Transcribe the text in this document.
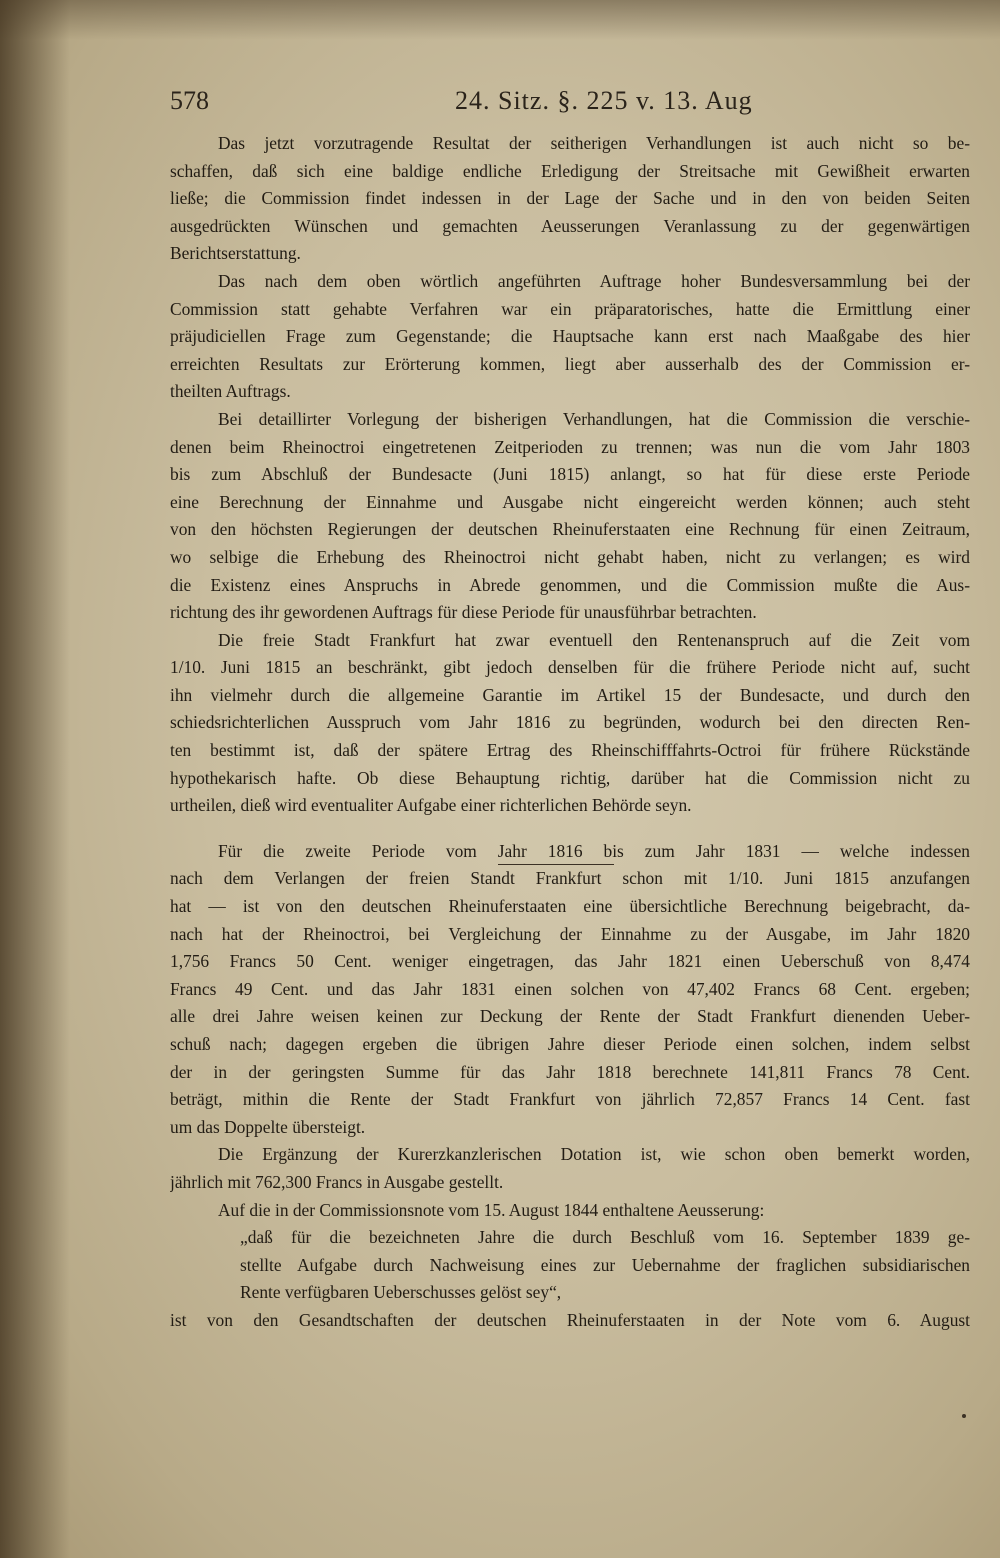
578	24. Sitz. §. 225 v. 13. Aug
Das jetzt vorzutragende Resultat der seitherigen Verhandlungen ist auch nicht so be-
schaffen, daß sich eine baldige endliche Erledigung der Streitsache mit Gewißheit erwarten
ließe; die Commission findet indessen in der Lage der Sache und in den von beiden Seiten
ausgedrückten Wünschen und gemachten Aeusserungen Veranlassung zu der gegenwärtigen
Berichtserstattung.
Das nach dem oben wörtlich angeführten Auftrage hoher Bundesversammlung bei der
Commission statt gehabte Verfahren war ein präparatorisches, hatte die Ermittlung einer
präjudiciellen Frage zum Gegenstande; die Hauptsache kann erst nach Maaßgabe des hier
erreichten Resultats zur Erörterung kommen, liegt aber ausserhalb des der Commission er-
theilten Auftrags.
Bei detaillirter Vorlegung der bisherigen Verhandlungen, hat die Commission die verschie-
denen beim Rheinoctroi eingetretenen Zeitperioden zu trennen; was nun die vom Jahr 1803
bis zum Abschluß der Bundesacte (Juni 1815) anlangt, so hat für diese erste Periode
eine Berechnung der Einnahme und Ausgabe nicht eingereicht werden können; auch steht
von den höchsten Regierungen der deutschen Rheinuferstaaten eine Rechnung für einen Zeitraum,
wo selbige die Erhebung des Rheinoctroi nicht gehabt haben, nicht zu verlangen; es wird
die Existenz eines Anspruchs in Abrede genommen, und die Commission mußte die Aus-
richtung des ihr gewordenen Auftrags für diese Periode für unausführbar betrachten.
Die freie Stadt Frankfurt hat zwar eventuell den Rentenanspruch auf die Zeit vom
1/10. Juni 1815 an beschränkt, gibt jedoch denselben für die frühere Periode nicht auf, sucht
ihn vielmehr durch die allgemeine Garantie im Artikel 15 der Bundesacte, und durch den
schiedsrichterlichen Ausspruch vom Jahr 1816 zu begründen, wodurch bei den directen Ren-
ten bestimmt ist, daß der spätere Ertrag des Rheinschifffahrts-Octroi für frühere Rückstände
hypothekarisch hafte. Ob diese Behauptung richtig, darüber hat die Commission nicht zu
urtheilen, dieß wird eventualiter Aufgabe einer richterlichen Behörde seyn.
Für die zweite Periode vom Jahr 1816 bis zum Jahr 1831 — welche indessen
nach dem Verlangen der freien Standt Frankfurt schon mit 1/10. Juni 1815 anzufangen
hat — ist von den deutschen Rheinuferstaaten eine übersichtliche Berechnung beigebracht, da-
nach hat der Rheinoctroi, bei Vergleichung der Einnahme zu der Ausgabe, im Jahr 1820
1,756 Francs 50 Cent. weniger eingetragen, das Jahr 1821 einen Ueberschuß von 8,474
Francs 49 Cent. und das Jahr 1831 einen solchen von 47,402 Francs 68 Cent. ergeben;
alle drei Jahre weisen keinen zur Deckung der Rente der Stadt Frankfurt dienenden Ueber-
schuß nach; dagegen ergeben die übrigen Jahre dieser Periode einen solchen, indem selbst
der in der geringsten Summe für das Jahr 1818 berechnete 141,811 Francs 78 Cent.
beträgt, mithin die Rente der Stadt Frankfurt von jährlich 72,857 Francs 14 Cent. fast
um das Doppelte übersteigt.
Die Ergänzung der Kurerzkanzlerischen Dotation ist, wie schon oben bemerkt worden,
jährlich mit 762,300 Francs in Ausgabe gestellt.
Auf die in der Commissionsnote vom 15. August 1844 enthaltene Aeusserung:
„daß für die bezeichneten Jahre die durch Beschluß vom 16. September 1839 ge-
stellte Aufgabe durch Nachweisung eines zur Uebernahme der fraglichen subsidiarischen
Rente verfügbaren Ueberschusses gelöst sey“,
ist von den Gesandtschaften der deutschen Rheinuferstaaten in der Note vom 6. August
